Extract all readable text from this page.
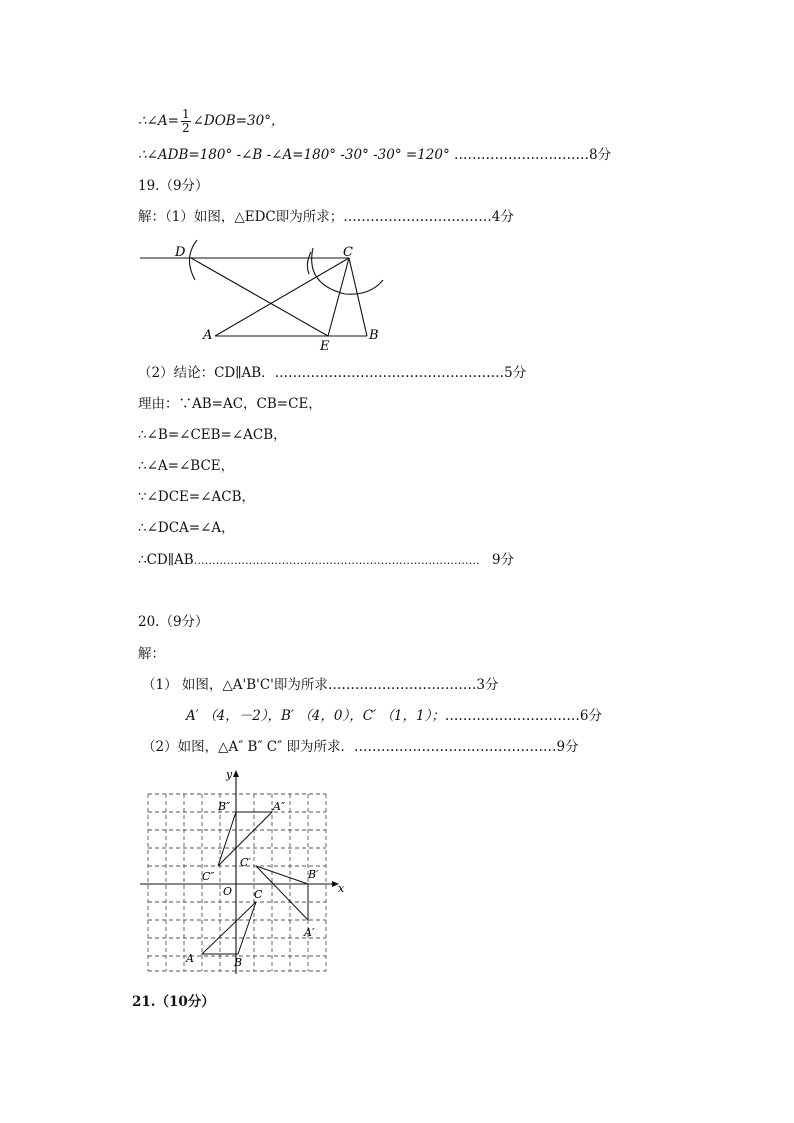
∴∠A= $\frac{1}{2}$ ∠DOB=30°，
∴∠ADB=180° -∠B -∠A=180° -30° -30° =120° …………………………8分
19.（9分）
解：（1）如图，△EDC即为所求；……………………………4分
D	C
A
E
B
（2）结论：CD∥AB．……………………………………………5分
理由：∵AB=AC，CB=CE，
∴∠B=∠CEB=∠ACB，
∴∠A=∠BCE，
∵∠DCE=∠ACB，
∴∠DCA=∠A，
∴CD∥AB…………………………………………………………………… 9分
20.（9分）
解：
（1） 如图，△A'B'C'即为所求……………………………3分
A′ （4，－2），B′ （4，0），C′ （1，1）；…………………………6分
（2）如图，△A″ B″ C″ 即为所求．………………………………………9分
y
x
O
A	B
C
A′
B′
C′
A″
B″
C″
21.（10分）
